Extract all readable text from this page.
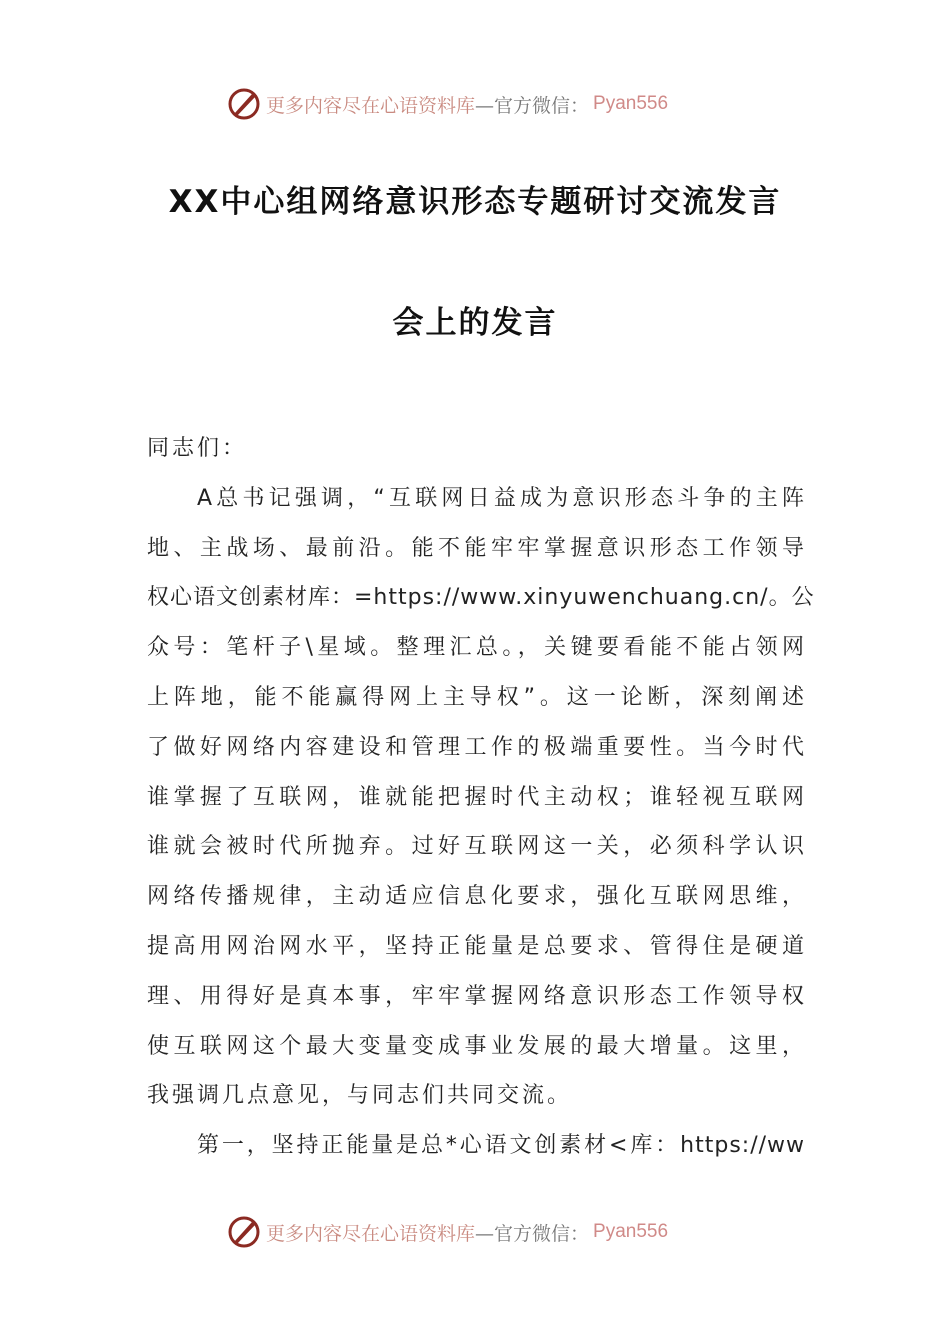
更多内容尽在心语资料库 —官方微信： Pyan556
XX中心组网络意识形态专题研讨交流发言
会上的发言
同志们：
A总书记强调，“互联网日益成为意识形态斗争的主阵
地、主战场、最前沿。能不能牢牢掌握意识形态工作领导
权心语文创素材库：=https://www.xinyuwenchuang.cn/。公
众号：笔杆子\星域。整理汇总。，关键要看能不能占领网
上阵地，能不能赢得网上主导权”。这一论断，深刻阐述
了做好网络内容建设和管理工作的极端重要性。当今时代
谁掌握了互联网，谁就能把握时代主动权；谁轻视互联网
谁就会被时代所抛弃。过好互联网这一关，必须科学认识
网络传播规律，主动适应信息化要求，强化互联网思维，
提高用网治网水平，坚持正能量是总要求、管得住是硬道
理、用得好是真本事，牢牢掌握网络意识形态工作领导权
使互联网这个最大变量变成事业发展的最大增量。这里，
我强调几点意见，与同志们共同交流。
第一，坚持正能量是总*心语文创素材<库：https://ww
更多内容尽在心语资料库 —官方微信： Pyan556
